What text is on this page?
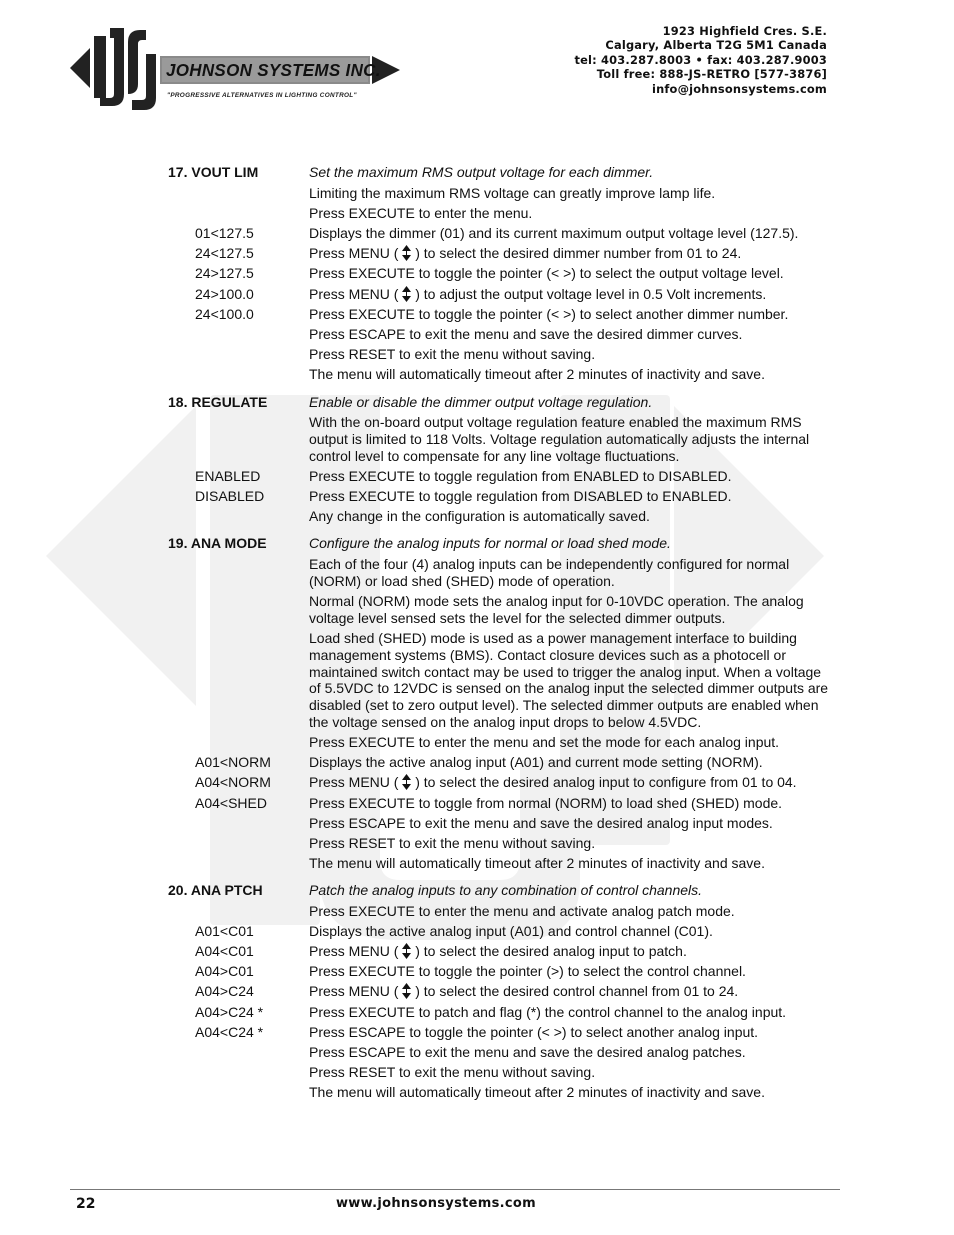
JOHNSON SYSTEMS INC.
"PROGRESSIVE ALTERNATIVES IN LIGHTING CONTROL"
1923 Highfield Cres. S.E.
Calgary, Alberta T2G 5M1 Canada
tel: 403.287.8003 • fax: 403.287.9003
Toll free: 888-JS-RETRO [577-3876]
info@johnsonsystems.com
17. VOUT LIM	Set the maximum RMS output voltage for each dimmer.
Limiting the maximum RMS voltage can greatly improve lamp life.
Press EXECUTE to enter the menu.
01<127.5	Displays the dimmer (01) and its current maximum output voltage level (127.5).
24<127.5	Press MENU (
) to select the desired dimmer number from 01 to 24.
24>127.5	Press EXECUTE to toggle the pointer (< >) to select the output voltage level.
24>100.0	Press MENU (
) to adjust the output voltage level in 0.5 Volt increments.
24<100.0	Press EXECUTE to toggle the pointer (< >) to select another dimmer number.
Press ESCAPE to exit the menu and save the desired dimmer curves.
Press RESET to exit the menu without saving.
The menu will automatically timeout after 2 minutes of inactivity and save.
18. REGULATE	Enable or disable the dimmer output voltage regulation.
With the on-board output voltage regulation feature enabled the maximum RMS output is limited to 118 Volts. Voltage regulation automatically adjusts the internal control level to compensate for any line voltage fluctuations.
ENABLED	Press EXECUTE to toggle regulation from ENABLED to DISABLED.
DISABLED	Press EXECUTE to toggle regulation from DISABLED to ENABLED.
Any change in the configuration is automatically saved.
19. ANA MODE	Configure the analog inputs for normal or load shed mode.
Each of the four (4) analog inputs can be independently configured for normal (NORM) or load shed (SHED) mode of operation.
Normal (NORM) mode sets the analog input for 0-10VDC operation. The analog voltage level sensed sets the level for the selected dimmer outputs.
Load shed (SHED) mode is used as a power management interface to building management systems (BMS). Contact closure devices such as a photocell or maintained switch contact may be used to trigger the analog input. When a voltage of 5.5VDC to 12VDC is sensed on the analog input the selected dimmer outputs are disabled (set to zero output level). The selected dimmer outputs are enabled when the voltage sensed on the analog input drops to below 4.5VDC.
Press EXECUTE to enter the menu and set the mode for each analog input.
A01<NORM	Displays the active analog input (A01) and current mode setting (NORM).
A04<NORM	Press MENU (
) to select the desired analog input to configure from 01 to 04.
A04<SHED	Press EXECUTE to toggle from normal (NORM) to load shed (SHED) mode.
Press ESCAPE to exit the menu and save the desired analog input modes.
Press RESET to exit the menu without saving.
The menu will automatically timeout after 2 minutes of inactivity and save.
20. ANA PTCH	Patch the analog inputs to any combination of control channels.
Press EXECUTE to enter the menu and activate analog patch mode.
A01<C01	Displays the active analog input (A01) and control channel (C01).
A04<C01	Press MENU (
) to select the desired analog input to patch.
A04>C01	Press EXECUTE to toggle the pointer (>) to select the control channel.
A04>C24	Press MENU (
) to select the desired control channel from 01 to 24.
A04>C24 *	Press EXECUTE to patch and flag (*) the control channel to the analog input.
A04<C24 *	Press ESCAPE to toggle the pointer (< >) to select another analog input.
Press ESCAPE to exit the menu and save the desired analog patches.
Press RESET to exit the menu without saving.
The menu will automatically timeout after 2 minutes of inactivity and save.
22	www.johnsonsystems.com
